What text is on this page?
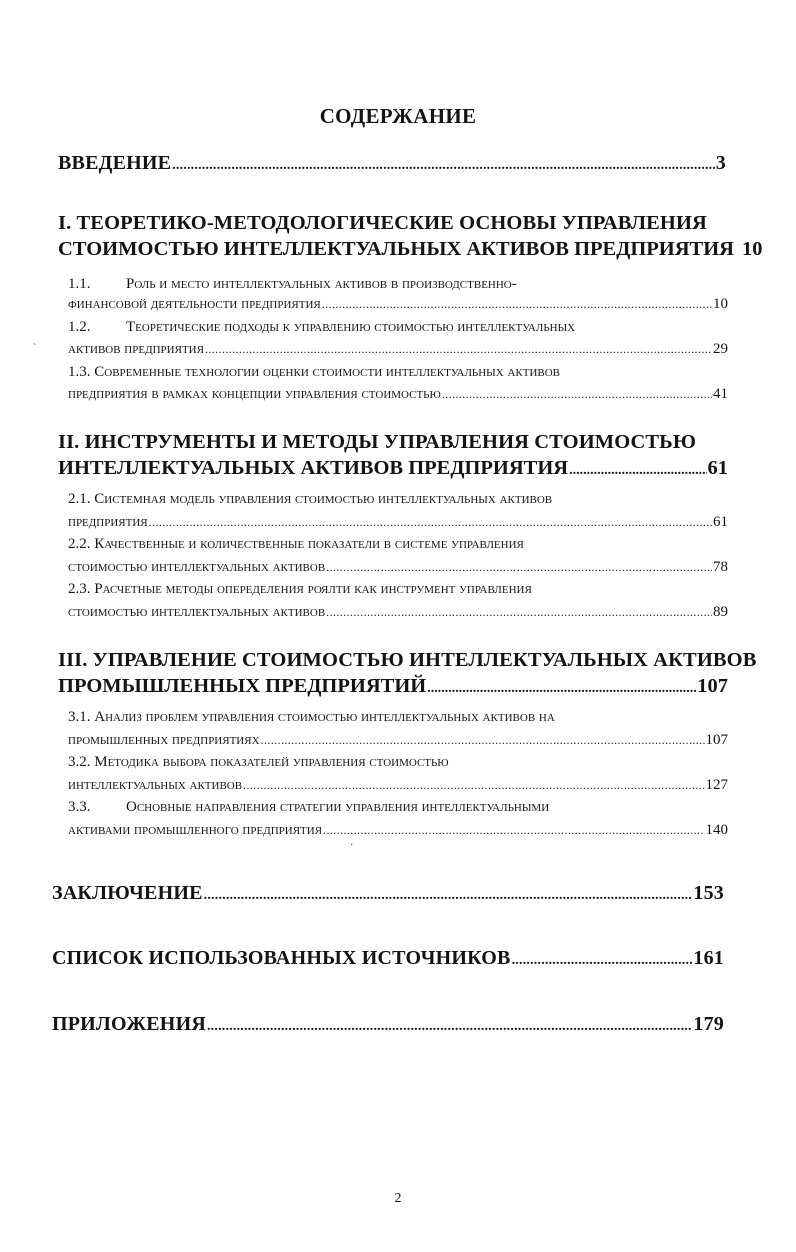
СОДЕРЖАНИЕ
ВВЕДЕНИЕ .....	3
I. ТЕОРЕТИКО-МЕТОДОЛОГИЧЕСКИЕ ОСНОВЫ УПРАВЛЕНИЯ
СТОИМОСТЬЮ ИНТЕЛЛЕКТУАЛЬНЫХ АКТИВОВ ПРЕДПРИЯТИЯ 10
1.1. Роль и место интеллектуальных активов в производственно-
финансовой деятельности предприятия .....	10
1.2. Теоретические подходы к управлению стоимостью интеллектуальных
активов предприятия .....	29
1.3. Современные технологии оценки стоимости интеллектуальных активов
предприятия в рамках концепции управления стоимостью .....	41
II. ИНСТРУМЕНТЫ И МЕТОДЫ УПРАВЛЕНИЯ СТОИМОСТЬЮ
ИНТЕЛЛЕКТУАЛЬНЫХ АКТИВОВ ПРЕДПРИЯТИЯ .....	61
2.1. Системная модель управления стоимостью интеллектуальных активов
предприятия .....	61
2.2. Качественные и количественные показатели в системе управления
стоимостью интеллектуальных активов .....	78
2.3. Расчетные методы опеределения роялти как инструмент управления
стоимостью интеллектуальных активов .....	89
III. УПРАВЛЕНИЕ СТОИМОСТЬЮ ИНТЕЛЛЕКТУАЛЬНЫХ АКТИВОВ
ПРОМЫШЛЕННЫХ ПРЕДПРИЯТИЙ .....	107
3.1. Анализ проблем управления стоимостью интеллектуальных активов на
промышленных предприятиях .....	107
3.2. Методика выбора показателей управления стоимостью
интеллектуальных активов .....	127
3.3. Основные направления стратегии управления интеллектуальными
активами промышленного предприятия .....	140
ЗАКЛЮЧЕНИЕ .....	153
СПИСОК ИСПОЛЬЗОВАННЫХ ИСТОЧНИКОВ .....	161
ПРИЛОЖЕНИЯ .....	179
2
`
·
